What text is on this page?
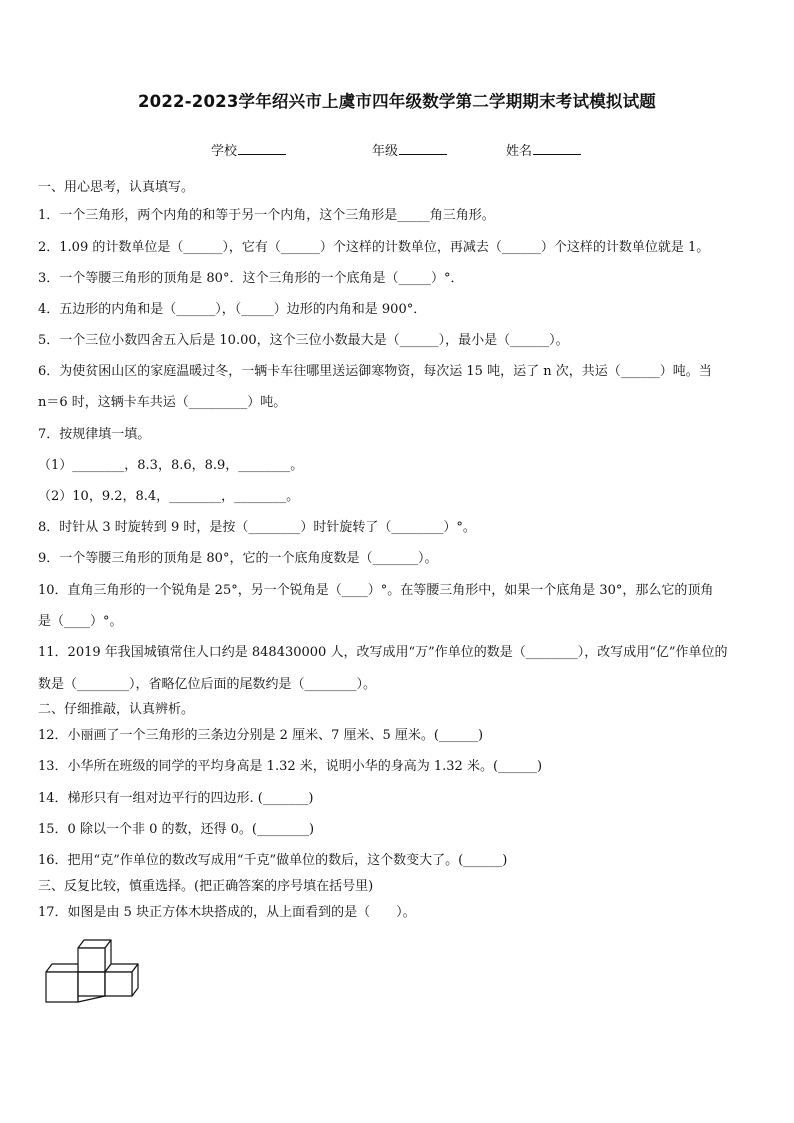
2022-2023学年绍兴市上虞市四年级数学第二学期期末考试模拟试题
学校	年级	姓名
一、用心思考，认真填写。
1．一个三角形，两个内角的和等于另一个内角，这个三角形是_____角三角形。
2．1.09 的计数单位是（______），它有（______）个这样的计数单位，再减去（______）个这样的计数单位就是 1。
3．一个等腰三角形的顶角是 80°．这个三角形的一个底角是（_____）°．
4．五边形的内角和是（______），（_____）边形的内角和是 900°．
5．一个三位小数四舍五入后是 10.00，这个三位小数最大是（______），最小是（______）。
6．为使贫困山区的家庭温暖过冬，一辆卡车往哪里送运御寒物资，每次运 15 吨，运了 n 次，共运（______）吨。当
n＝6 时，这辆卡车共运（_________）吨。
7．按规律填一填。
（1）________，8.3，8.6，8.9，________。
（2）10，9.2，8.4，________，________。
8．时针从 3 时旋转到 9 时，是按（________）时针旋转了（________）°。
9．一个等腰三角形的顶角是 80°，它的一个底角度数是（_______）。
10．直角三角形的一个锐角是 25°，另一个锐角是（____）°。在等腰三角形中，如果一个底角是 30°，那么它的顶角
是（____）°。
11．2019 年我国城镇常住人口约是 848430000 人，改写成用“万”作单位的数是（________），改写成用“亿”作单位的
数是（________），省略亿位后面的尾数约是（________）。
二、仔细推敲，认真辨析。
12．小丽画了一个三角形的三条边分别是 2 厘米、7 厘米、5 厘米。(______)
13．小华所在班级的同学的平均身高是 1.32 米，说明小华的身高为 1.32 米。(______)
14．梯形只有一组对边平行的四边形. (_______)
15．0 除以一个非 0 的数，还得 0。(________)
16．把用“克”作单位的数改写成用“千克”做单位的数后，这个数变大了。(______)
三、反复比较，慎重选择。(把正确答案的序号填在括号里)
17．如图是由 5 块正方体木块搭成的，从上面看到的是（　　）。
